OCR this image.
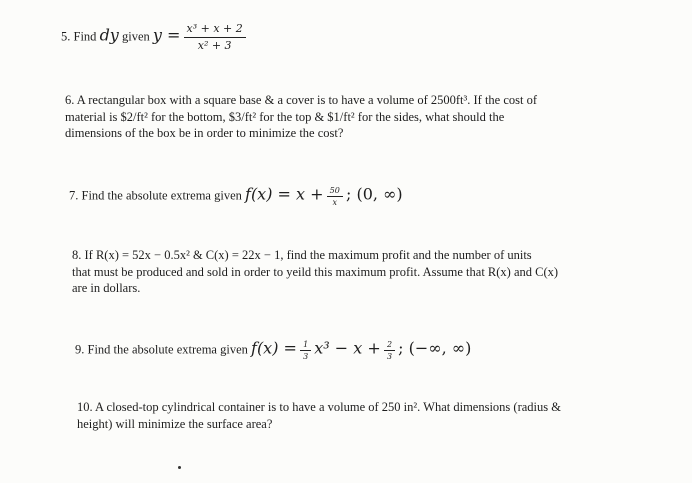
5. Find dy given $y = \frac{\text{x³ + x + 2}}{\text{x² + 3}}$
6. A rectangular box with a square base & a cover is to have a volume of 2500ft³. If the cost of
material is $2/ft² for the bottom, $3/ft² for the top & $1/ft² for the sides, what should the
dimensions of the box be in order to minimize the cost?
7. Find the absolute extrema given $f(x) = x + \frac{50}{x}$ ; (0, ∞)
8. If R(x) = 52x − 0.5x² & C(x) = 22x − 1, find the maximum profit and the number of units
that must be produced and sold in order to yeild this maximum profit. Assume that R(x) and C(x)
are in dollars.
9. Find the absolute extrema given $f(x) = \frac{1}{3} x^3 - x + \frac{2}{3}$ ; (−∞, ∞)
10. A closed-top cylindrical container is to have a volume of 250 in². What dimensions (radius &
height) will minimize the surface area?
